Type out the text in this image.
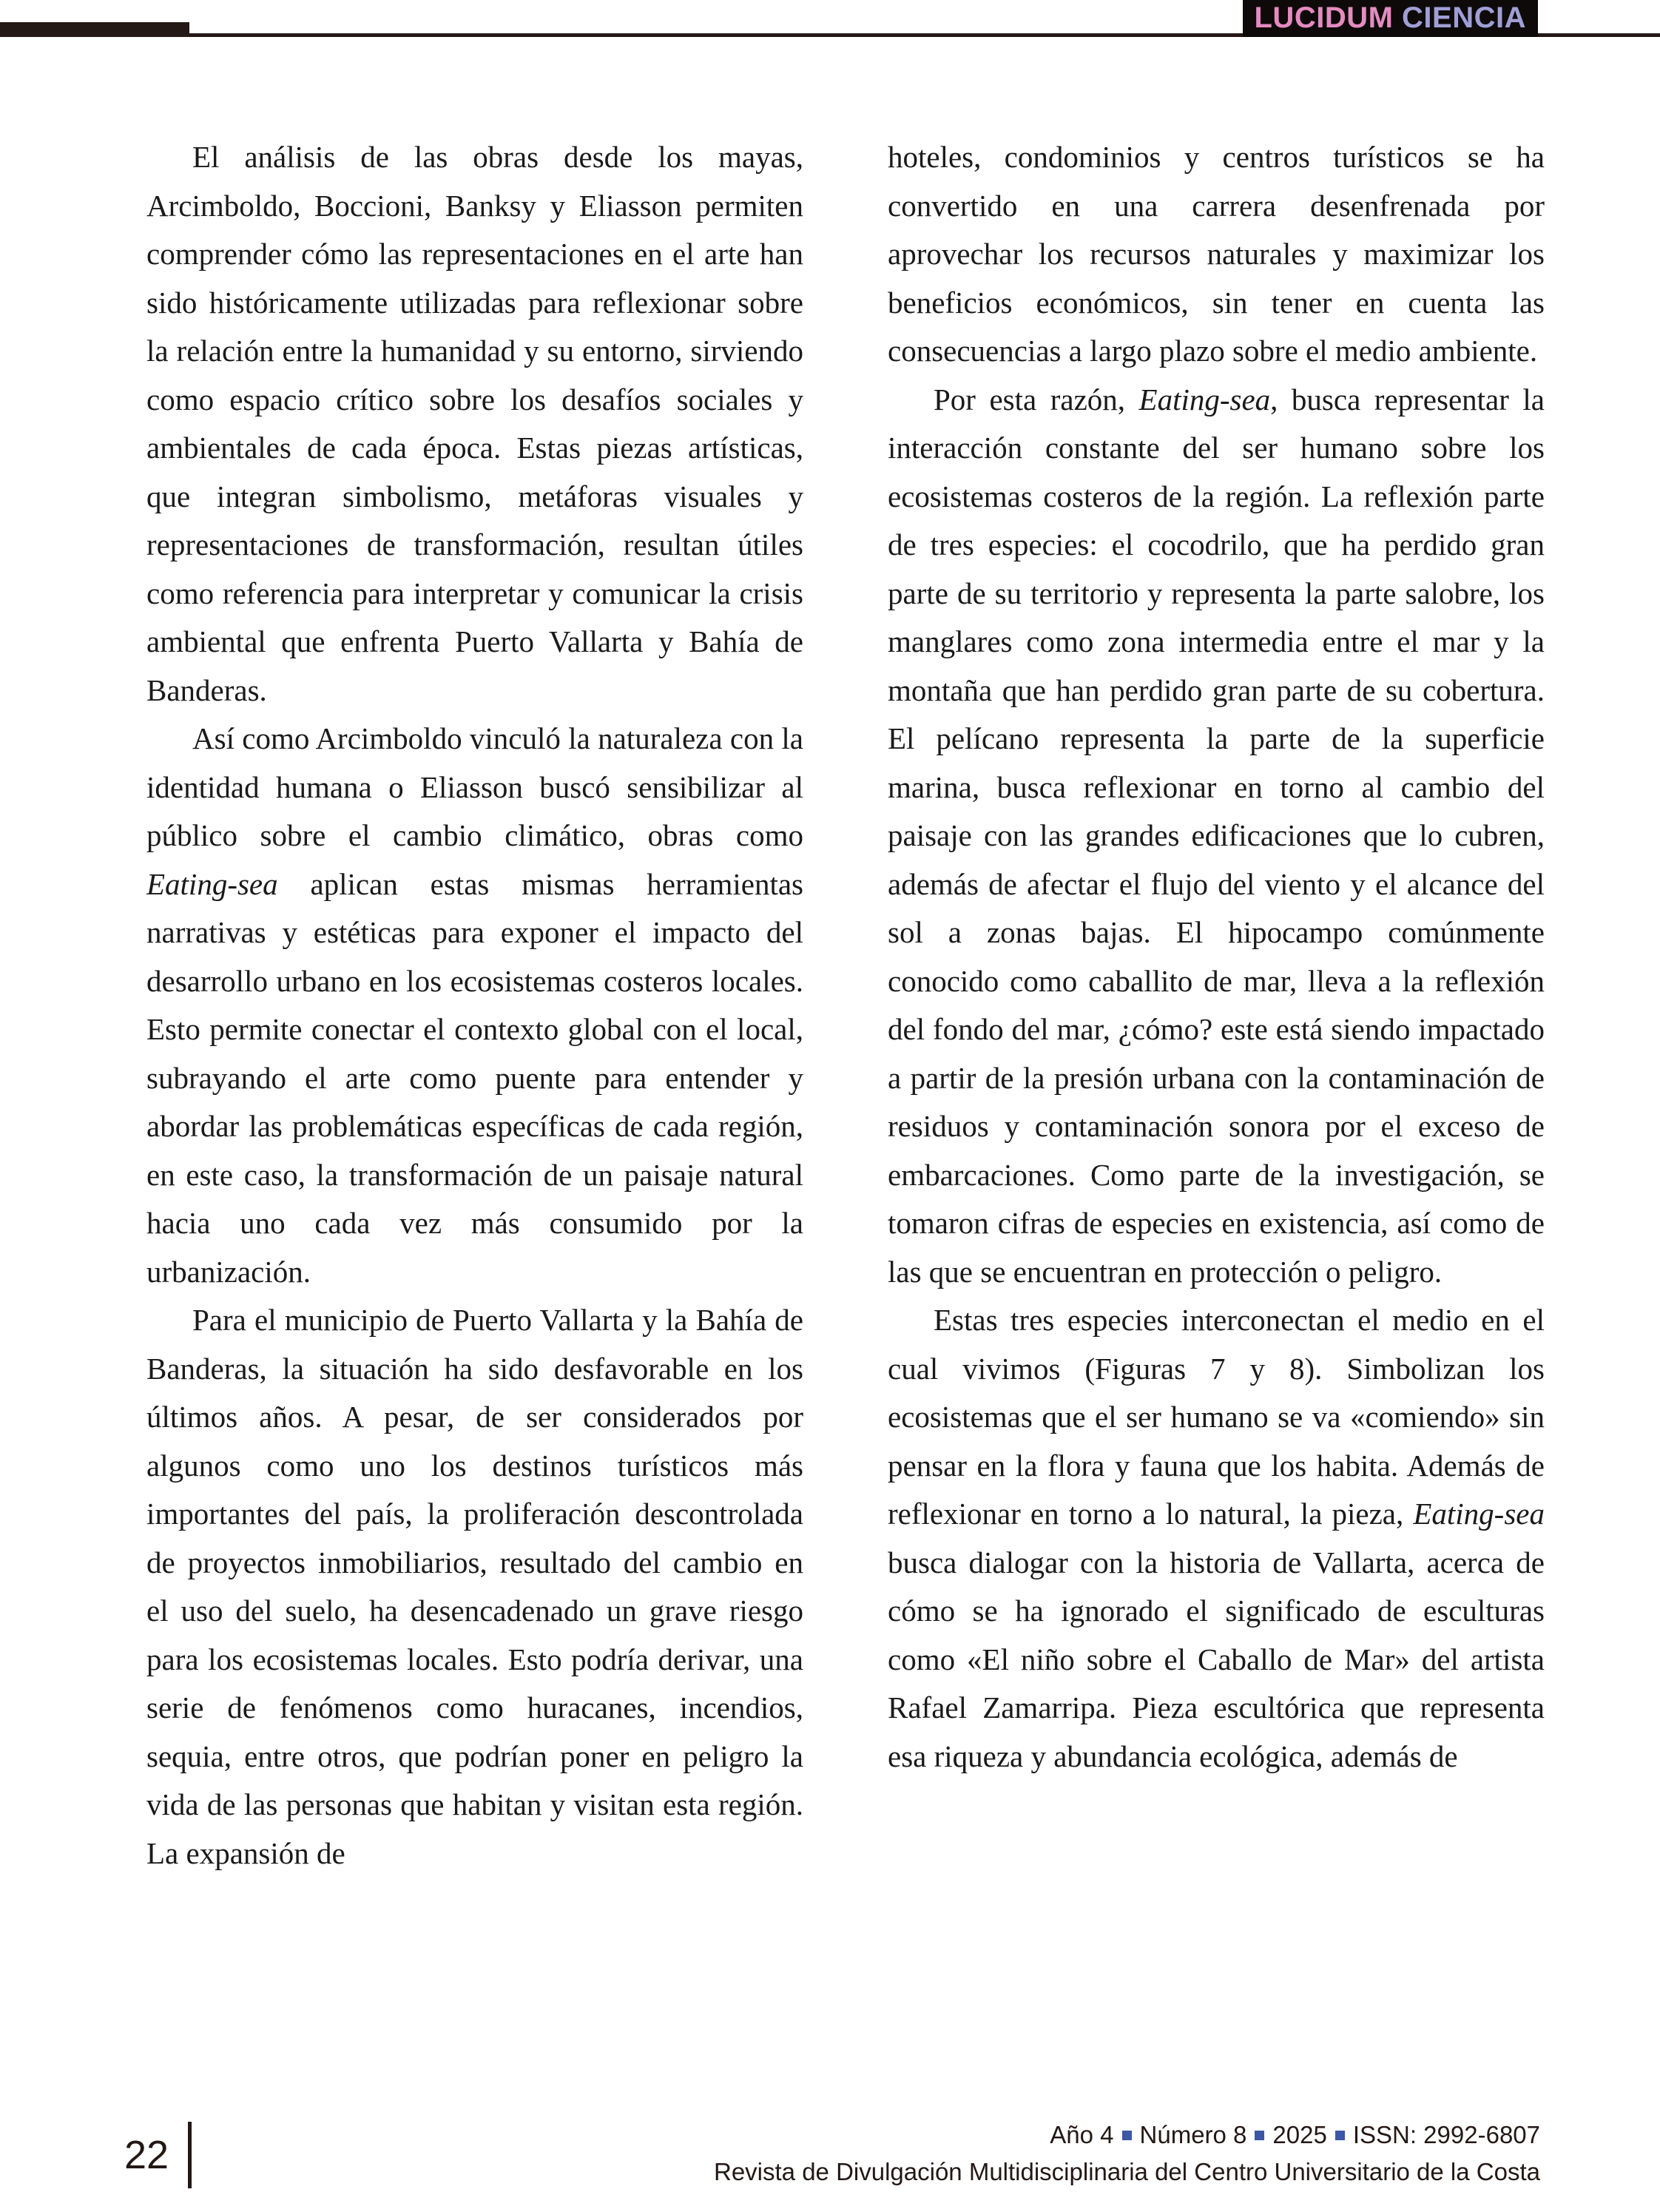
LUCIDUM CIENCIA

El análisis de las obras desde los mayas, Arcimboldo, Boccioni, Banksy y Eliasson permiten comprender cómo las representaciones en el arte han sido históricamente utilizadas para reflexionar sobre la relación entre la humanidad y su entorno, sirviendo como espacio crítico sobre los desafíos sociales y ambientales de cada época. Estas piezas artísticas, que integran simbolismo, metáforas visuales y representaciones de transformación, resultan útiles como referencia para interpretar y comunicar la crisis ambiental que enfrenta Puerto Vallarta y Bahía de Banderas.

Así como Arcimboldo vinculó la naturaleza con la identidad humana o Eliasson buscó sensibilizar al público sobre el cambio climático, obras como Eating-sea aplican estas mismas herramientas narrativas y estéticas para exponer el impacto del desarrollo urbano en los ecosistemas costeros locales. Esto permite conectar el contexto global con el local, subrayando el arte como puente para entender y abordar las problemáticas específicas de cada región, en este caso, la transformación de un paisaje natural hacia uno cada vez más consumido por la urbanización.

Para el municipio de Puerto Vallarta y la Bahía de Banderas, la situación ha sido desfavorable en los últimos años. A pesar, de ser considerados por algunos como uno los destinos turísticos más importantes del país, la proliferación descontrolada de proyectos inmobiliarios, resultado del cambio en el uso del suelo, ha desencadenado un grave riesgo para los ecosistemas locales. Esto podría derivar, una serie de fenómenos como huracanes, incendios, sequia, entre otros, que podrían poner en peligro la vida de las personas que habitan y visitan esta región. La expansión de

hoteles, condominios y centros turísticos se ha convertido en una carrera desenfrenada por aprovechar los recursos naturales y maximizar los beneficios económicos, sin tener en cuenta las consecuencias a largo plazo sobre el medio ambiente.

Por esta razón, Eating-sea, busca representar la interacción constante del ser humano sobre los ecosistemas costeros de la región. La reflexión parte de tres especies: el cocodrilo, que ha perdido gran parte de su territorio y representa la parte salobre, los manglares como zona intermedia entre el mar y la montaña que han perdido gran parte de su cobertura. El pelícano representa la parte de la superficie marina, busca reflexionar en torno al cambio del paisaje con las grandes edificaciones que lo cubren, además de afectar el flujo del viento y el alcance del sol a zonas bajas. El hipocampo comúnmente conocido como caballito de mar, lleva a la reflexión del fondo del mar, ¿cómo? este está siendo impactado a partir de la presión urbana con la contaminación de residuos y contaminación sonora por el exceso de embarcaciones. Como parte de la investigación, se tomaron cifras de especies en existencia, así como de las que se encuentran en protección o peligro.

Estas tres especies interconectan el medio en el cual vivimos (Figuras 7 y 8). Simbolizan los ecosistemas que el ser humano se va «comiendo» sin pensar en la flora y fauna que los habita. Además de reflexionar en torno a lo natural, la pieza, Eating-sea busca dialogar con la historia de Vallarta, acerca de cómo se ha ignorado el significado de esculturas como «El niño sobre el Caballo de Mar» del artista Rafael Zamarripa. Pieza escultórica que representa esa riqueza y abundancia ecológica, además de

22	Año 4 Número 8 2025 ISSN: 2992-6807
Revista de Divulgación Multidisciplinaria del Centro Universitario de la Costa
